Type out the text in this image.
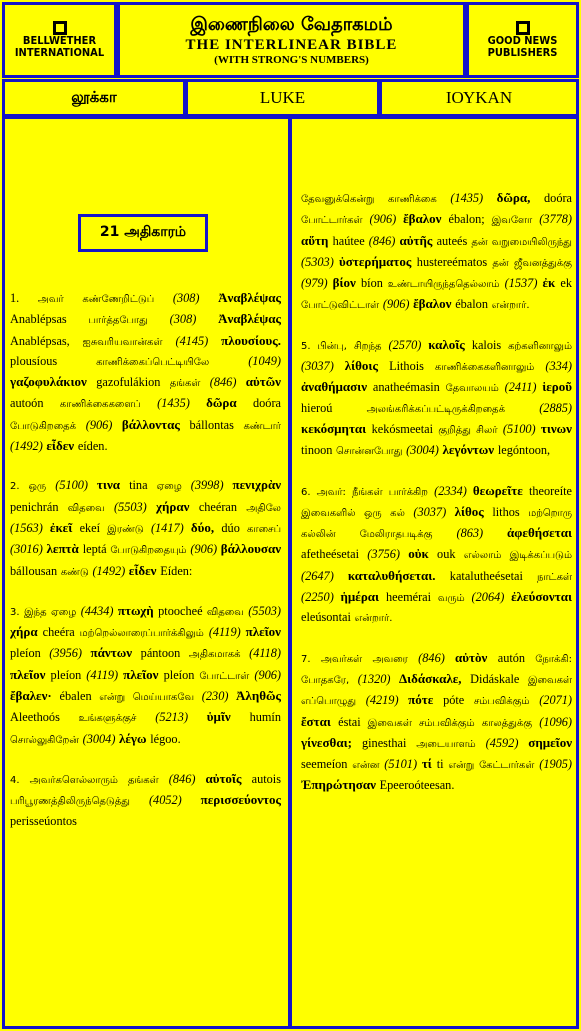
BELLWETHER INTERNATIONAL
இணைநிலை வேதாகமம்
THE INTERLINEAR BIBLE
(WITH STRONG'S NUMBERS)
GOOD NEWS PUBLISHERS
லூக்கா	LUKE	ΙΟΥΚΑΝ
21 அதிகாரம்

1. அவர் கண்ணேறிட்டுப் (308) Ἀναβλέψας Anablépsas பார்த்தபோது (308) Ἀναβλέψας Anablépsas, ஐசுவரியவான்கள் (4145) πλουσίους. plousíous காணிக்கைப்பெட்டியிலே (1049) γαζοφυλάκιον gazofulákion தங்கள் (846) αὐτῶν autoón காணிக்கைகளைப் (1435) δῶρα doóra போடுகிறதைக் (906) βάλλοντας bállontas கண்டார் (1492) εἶδεν eíden.

2. ஒரு (5100) τινα tina ஏழை (3998) πενιχρὰν penichrán விதவை (5503) χήραν cheéran அதிலே (1563) ἐκεῖ ekeí இரண்டு (1417) δύο, dúo காசைப் (3016) λεπτὰ leptá போடுகிறதையும் (906) βάλλουσαν bállousan கண்டு (1492) εἶδεν Eíden:

3. இந்த ஏழை (4434) πτωχὴ ptoocheé விதவை (5503) χήρα cheéra மற்றெல்லாரைப்பார்க்கிலும் (4119) πλεῖον pleíon (3956) πάντων pántoon அதிகமாகக் (4118) πλεῖον pleíon (4119) πλεῖον pleíon போட்டாள் (906) ἔβαλεν· ébalen என்று மெய்யாகவே (230) Ἀληθῶς Aleethoós உங்களுக்குச் (5213) ὑμῖν humín சொல்லுகிறேன் (3004) λέγω légoo.

4. அவர்களெல்லாரும் தங்கள் (846) αὐτοῖς autois பரிபூரணத்திலிருந்தெடுத்து (4052) περισσεύοντος perisseúontos

தேவனுக்கென்று காணிக்கை (1435) δῶρα, doóra போட்டார்கள் (906) ἔβαλον ébalon; இவளோ (3778) αὕτη haútee (846) αὐτῆς auteés தன் வறுமையிலிருந்து (5303) ὑστερήματος hustereématos தன் ஜீவனத்துக்கு (979) βίον bíon உண்டாயிருந்ததெல்லாம் (1537) ἐκ ek போட்டுவிட்டாள் (906) ἔβαλον ébalon என்றார்.

5. பின்பு, சிறந்த (2570) καλοῖς kalois கற்களினாலும் (3037) λίθοις Lithois காணிக்கைகளினாலும் (334) ἀναθήμασιν anatheémasin தேவாலயம் (2411) ἱεροῦ hieroú அலங்கரிக்கப்பட்டிருக்கிறதைக் (2885) κεκόσμηται kekósmeetai குறித்து சிலர் (5100) τινων tinoon சொன்னபோது (3004) λεγόντων legóntoon,

6. அவர்: நீங்கள் பார்க்கிற (2334) θεωρεῖτε theoreíte இவைகளில் ஒரு கல் (3037) λίθος lithos மற்றொரு கல்லின் மேலிராதபடிக்கு (863) ἀφεθήσεται afetheésetai (3756) οὐκ ouk எல்லாம் இடிக்கப்படும் (2647) καταλυθήσεται. katalutheésetai நாட்கள் (2250) ἡμέραι heemérai வரும் (2064) ἐλεύσονται eleúsontai என்றார்.

7. அவர்கள் அவரை (846) αὐτὸν autón நோக்கி: போதகரே, (1320) Διδάσκαλε, Didáskale இவைகள் எப்பொழுது (4219) πότε póte சம்பவிக்கும் (2071) ἔσται éstai இவைகள் சம்பவிக்கும் காலத்துக்கு (1096) γίνεσθαι; ginesthai அடையாளம் (4592) σημεῖον seemeíon என்ன (5101) τί ti என்று கேட்டார்கள் (1905) Ἐπηρώτησαν Epeeroóteesan.
